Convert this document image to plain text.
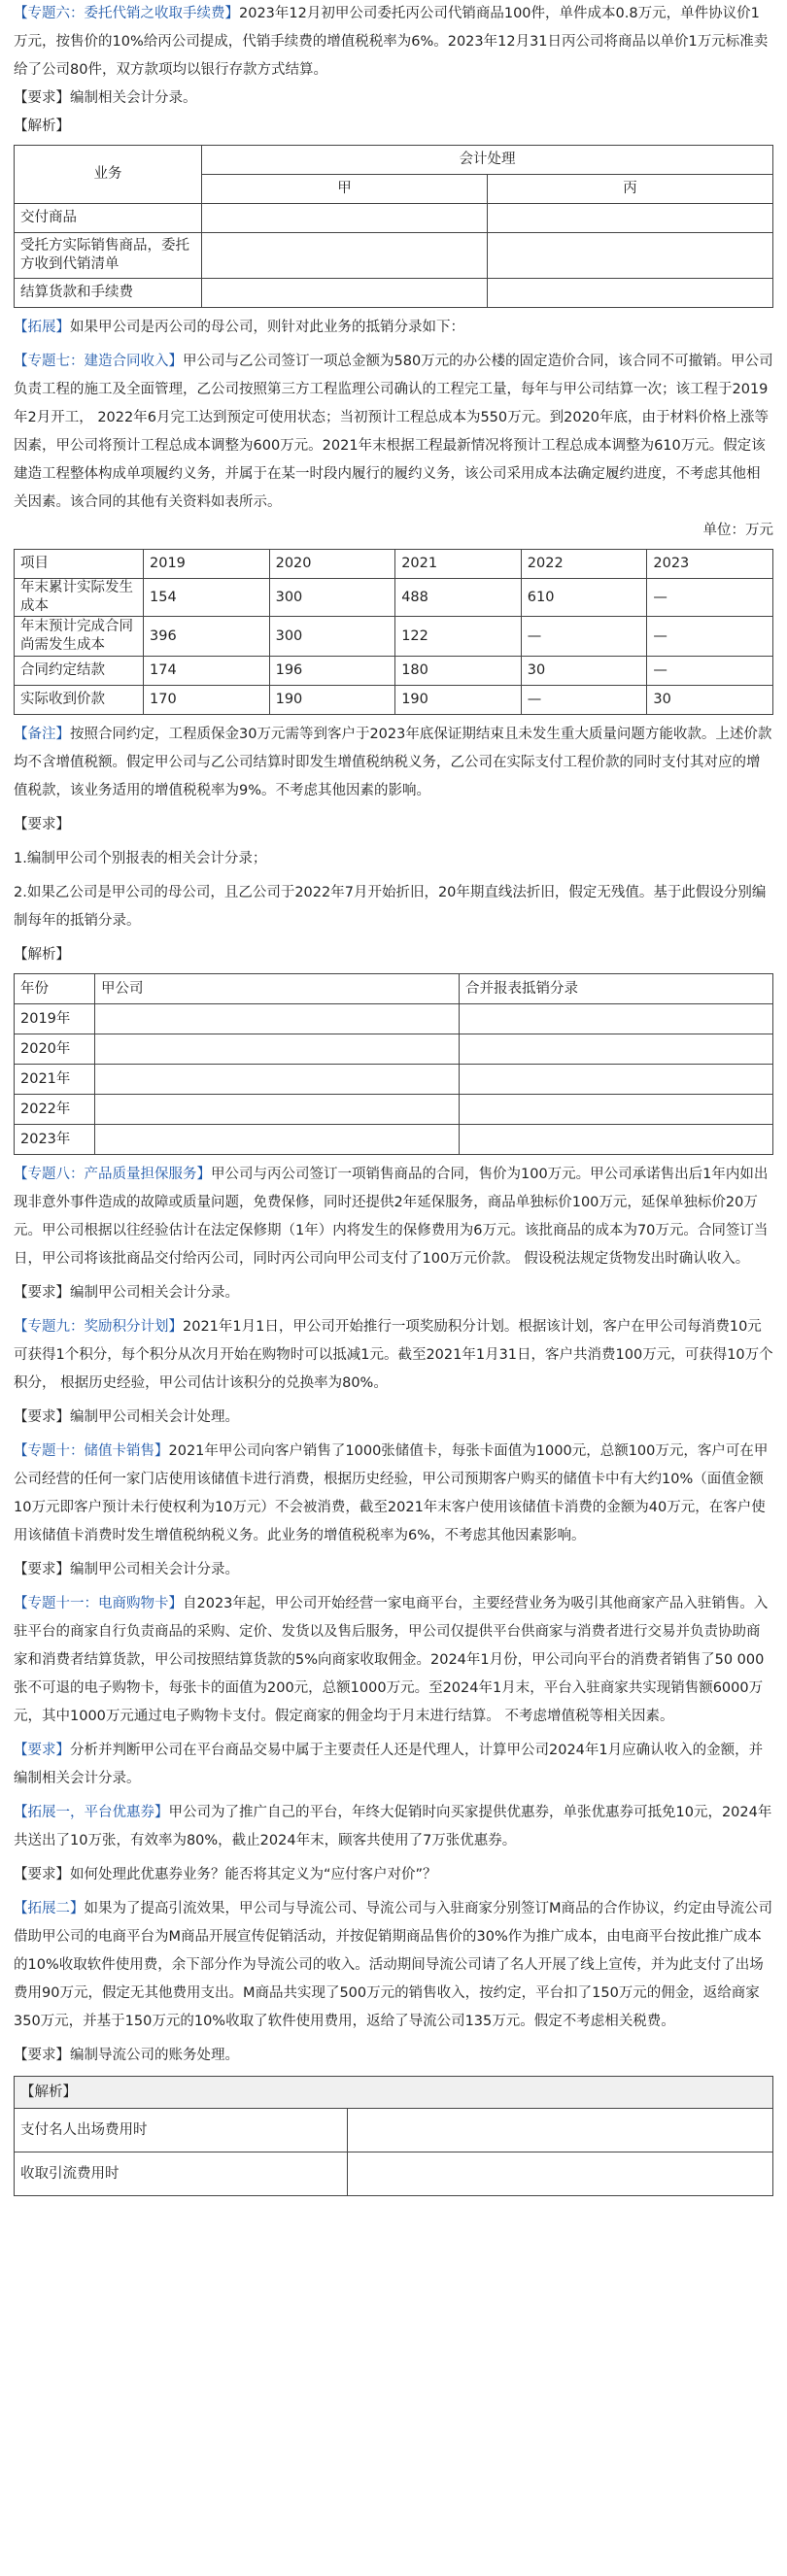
【专题六：委托代销之收取手续费】2023年12月初甲公司委托丙公司代销商品100件，单件成本0.8万元，单件协议价1万元，按售价的10%给丙公司提成，代销手续费的增值税税率为6%。2023年12月31日丙公司将商品以单价1万元标准卖给了公司80件，双方款项均以银行存款方式结算。

【要求】编制相关会计分录。

【解析】

业务	会计处理	
	甲	丙
交付商品		
受托方实际销售商品，委托方收到代销清单		
结算货款和手续费		

【拓展】如果甲公司是丙公司的母公司，则针对此业务的抵销分录如下：

【专题七：建造合同收入】甲公司与乙公司签订一项总金额为580万元的办公楼的固定造价合同，该合同不可撤销。甲公司负责工程的施工及全面管理，乙公司按照第三方工程监理公司确认的工程完工量，每年与甲公司结算一次；该工程于2019年2月开工， 2022年6月完工达到预定可使用状态；当初预计工程总成本为550万元。到2020年底，由于材料价格上涨等因素，甲公司将预计工程总成本调整为600万元。2021年末根据工程最新情况将预计工程总成本调整为610万元。假定该建造工程整体构成单项履约义务，并属于在某一时段内履行的履约义务，该公司采用成本法确定履约进度，不考虑其他相关因素。该合同的其他有关资料如表所示。

单位：万元

项目	2019	2020	2021	2022	2023
年末累计实际发生成本	154	300	488	610	—
年末预计完成合同尚需发生成本	396	300	122	—	—
合同约定结款	174	196	180	30	—
实际收到价款	170	190	190	—	30

【备注】按照合同约定，工程质保金30万元需等到客户于2023年底保证期结束且未发生重大质量问题方能收款。上述价款均不含增值税额。假定甲公司与乙公司结算时即发生增值税纳税义务，乙公司在实际支付工程价款的同时支付其对应的增值税款，该业务适用的增值税税率为9%。不考虑其他因素的影响。

【要求】

1.编制甲公司个别报表的相关会计分录；

2.如果乙公司是甲公司的母公司，且乙公司于2022年7月开始折旧，20年期直线法折旧，假定无残值。基于此假设分别编制每年的抵销分录。

【解析】

年份	甲公司	合并报表抵销分录
2019年		
2020年		
2021年		
2022年		
2023年		

【专题八：产品质量担保服务】甲公司与丙公司签订一项销售商品的合同，售价为100万元。甲公司承诺售出后1年内如出现非意外事件造成的故障或质量问题，免费保修，同时还提供2年延保服务，商品单独标价100万元，延保单独标价20万元。甲公司根据以往经验估计在法定保修期（1年）内将发生的保修费用为6万元。该批商品的成本为70万元。合同签订当日，甲公司将该批商品交付给丙公司，同时丙公司向甲公司支付了100万元价款。 假设税法规定货物发出时确认收入。

【要求】编制甲公司相关会计分录。

【专题九：奖励积分计划】2021年1月1日，甲公司开始推行一项奖励积分计划。根据该计划，客户在甲公司每消费10元可获得1个积分，每个积分从次月开始在购物时可以抵减1元。截至2021年1月31日，客户共消费100万元，可获得10万个积分， 根据历史经验，甲公司估计该积分的兑换率为80%。

【要求】编制甲公司相关会计处理。

【专题十：储值卡销售】2021年甲公司向客户销售了1000张储值卡，每张卡面值为1000元，总额100万元，客户可在甲公司经营的任何一家门店使用该储值卡进行消费，根据历史经验，甲公司预期客户购买的储值卡中有大约10%（面值金额10万元即客户预计未行使权利为10万元）不会被消费，截至2021年末客户使用该储值卡消费的金额为40万元，在客户使用该储值卡消费时发生增值税纳税义务。此业务的增值税税率为6%，不考虑其他因素影响。

【要求】编制甲公司相关会计分录。

【专题十一：电商购物卡】自2023年起，甲公司开始经营一家电商平台，主要经营业务为吸引其他商家产品入驻销售。入驻平台的商家自行负责商品的采购、定价、发货以及售后服务，甲公司仅提供平台供商家与消费者进行交易并负责协助商家和消费者结算货款，甲公司按照结算货款的5%向商家收取佣金。2024年1月份，甲公司向平台的消费者销售了50 000张不可退的电子购物卡，每张卡的面值为200元，总额1000万元。至2024年1月末，平台入驻商家共实现销售额6000万元，其中1000万元通过电子购物卡支付。假定商家的佣金均于月末进行结算。 不考虑增值税等相关因素。

【要求】分析并判断甲公司在平台商品交易中属于主要责任人还是代理人，计算甲公司2024年1月应确认收入的金额，并编制相关会计分录。

【拓展一，平台优惠券】甲公司为了推广自己的平台，年终大促销时向买家提供优惠券，单张优惠券可抵免10元，2024年共送出了10万张，有效率为80%，截止2024年末，顾客共使用了7万张优惠券。

【要求】如何处理此优惠券业务？能否将其定义为“应付客户对价”？

【拓展二】如果为了提高引流效果，甲公司与导流公司、导流公司与入驻商家分别签订M商品的合作协议，约定由导流公司借助甲公司的电商平台为M商品开展宣传促销活动，并按促销期商品售价的30%作为推广成本，由电商平台按此推广成本的10%收取软件使用费，余下部分作为导流公司的收入。活动期间导流公司请了名人开展了线上宣传，并为此支付了出场费用90万元，假定无其他费用支出。M商品共实现了500万元的销售收入，按约定，平台扣了150万元的佣金，返给商家350万元，并基于150万元的10%收取了软件使用费用，返给了导流公司135万元。假定不考虑相关税费。

【要求】编制导流公司的账务处理。

【解析】	
支付名人出场费用时	
收取引流费用时	
